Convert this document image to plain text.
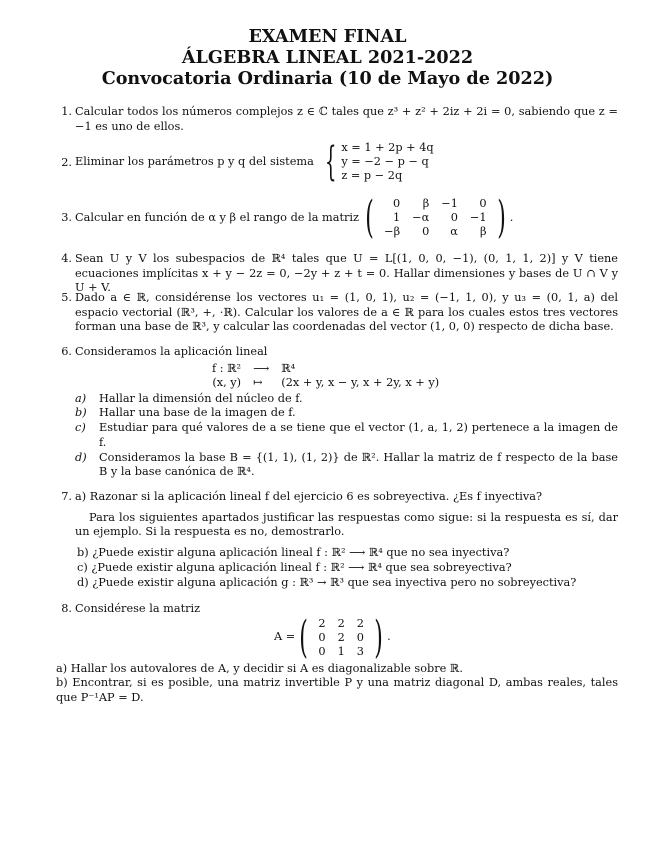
EXAMEN FINAL
ÁLGEBRA LINEAL 2021-2022
Convocatoria Ordinaria (10 de Mayo de 2022)
1. Calcular todos los números complejos z ∈ ℂ tales que z³ + z² + 2iz + 2i = 0, sabiendo que z = −1 es uno de ellos.
2. Eliminar los parámetros p y q del sistema { x = 1 + 2p + 4q
y = −2 − p − q
z = p − 2q
3. Calcular en función de α y β el rango de la matriz ( 0	β	−1	0
1	−α	0	−1
−β	0	α	β ) .
4. Sean U y V los subespacios de ℝ⁴ tales que U = L[(1, 0, 0, −1), (0, 1, 1, 2)] y V tiene ecuaciones implícitas x + y − 2z = 0, −2y + z + t = 0. Hallar dimensiones y bases de U ∩ V y U + V.
5. Dado a ∈ ℝ, considérense los vectores u₁ = (1, 0, 1), u₂ = (−1, 1, 0), y u₃ = (0, 1, a) del espacio vectorial (ℝ³, +, ·ℝ). Calcular los valores de a ∈ ℝ para los cuales estos tres vectores forman una base de ℝ³, y calcular las coordenadas del vector (1, 0, 0) respecto de dicha base.
6. Consideramos la aplicación lineal
f : ℝ²	⟶	ℝ⁴
(x, y)	↦	(2x + y, x − y, x + 2y, x + y)
a) Hallar la dimensión del núcleo de f.
b) Hallar una base de la imagen de f.
c) Estudiar para qué valores de a se tiene que el vector (1, a, 1, 2) pertenece a la imagen de f.
d) Consideramos la base B = {(1, 1), (1, 2)} de ℝ². Hallar la matriz de f respecto de la base B y la base canónica de ℝ⁴.
7. a) Razonar si la aplicación lineal f del ejercicio 6 es sobreyectiva. ¿Es f inyectiva?
Para los siguientes apartados justificar las respuestas como sigue: si la respuesta es sí, dar un ejemplo. Si la respuesta es no, demostrarlo.
b) ¿Puede existir alguna aplicación lineal f : ℝ² ⟶ ℝ⁴ que no sea inyectiva?
c) ¿Puede existir alguna aplicación lineal f : ℝ² ⟶ ℝ⁴ que sea sobreyectiva?
d) ¿Puede existir alguna aplicación g : ℝ³ → ℝ³ que sea inyectiva pero no sobreyectiva?
8. Considérese la matriz
A = ( 2	2	2
0	2	0
0	1	3 ) .
a) Hallar los autovalores de A, y decidir si A es diagonalizable sobre ℝ.
b) Encontrar, si es posible, una matriz invertible P y una matriz diagonal D, ambas reales, tales que P⁻¹AP = D.
